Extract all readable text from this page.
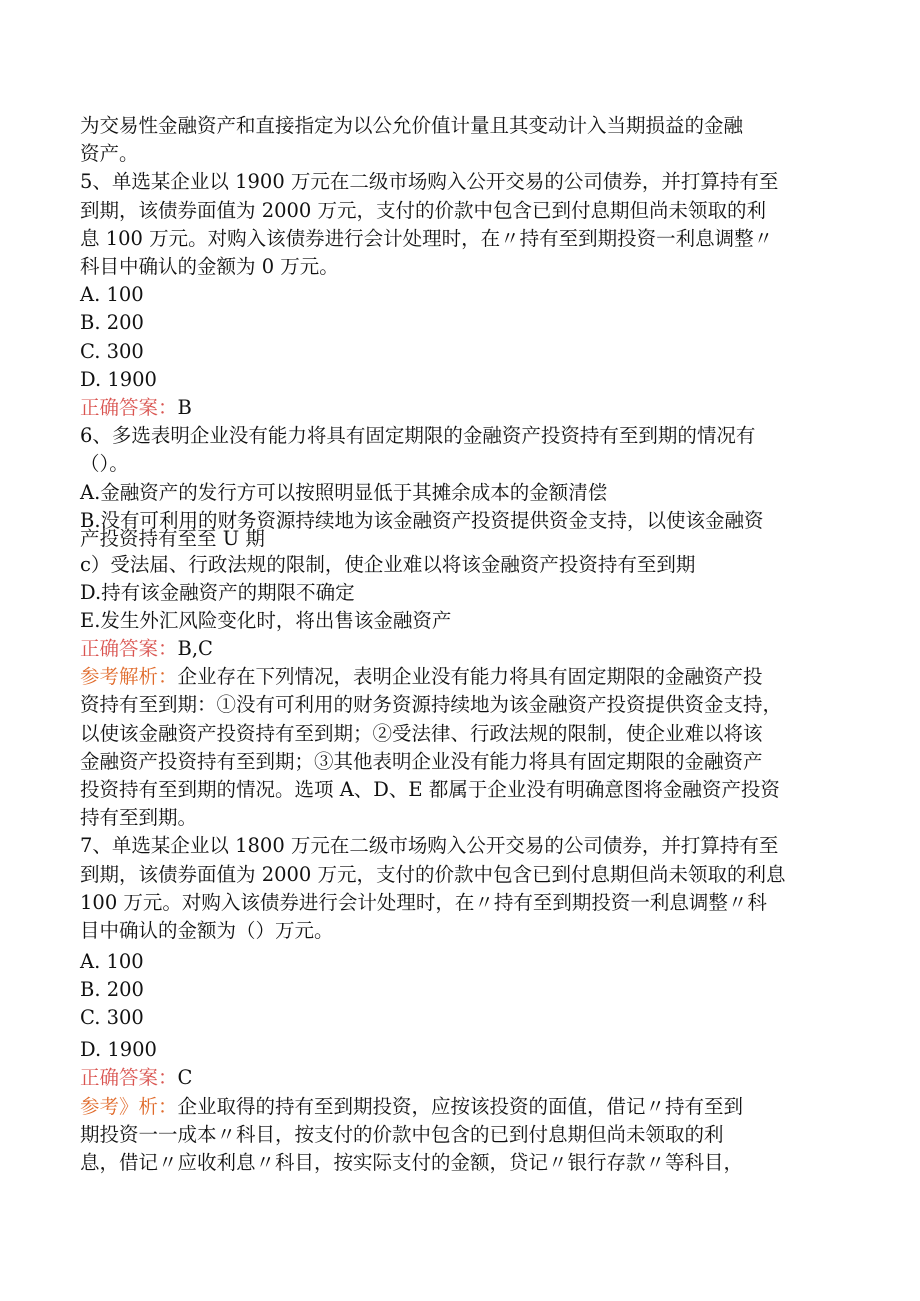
为交易性金融资产和直接指定为以公允价值计量且其变动计入当期损益的金融

资产。

5、单选某企业以 1900 万元在二级市场购入公开交易的公司债券，并打算持有至

到期，该债券面值为 2000 万元，支付的价款中包含已到付息期但尚未领取的利

息 100 万元。对购入该债券进行会计处理时，在〃持有至到期投资一利息调整〃

科目中确认的金额为 0 万元。

A. 100

B. 200

C. 300

D. 1900

正确答案：B

6、多选表明企业没有能力将具有固定期限的金融资产投资持有至到期的情况有

（）。

A.金融资产的发行方可以按照明显低于其摊余成本的金额清偿

B.没有可利用的财务资源持续地为该金融资产投资提供资金支持，以使该金融资

产投资持有至至 U 期

c）受法届、行政法规的限制，使企业难以将该金融资产投资持有至到期

D.持有该金融资产的期限不确定

E.发生外汇风险变化时，将出售该金融资产

正确答案：B,C

参考解析：企业存在下列情况，表明企业没有能力将具有固定期限的金融资产投

资持有至到期：①没有可利用的财务资源持续地为该金融资产投资提供资金支持，

以使该金融资产投资持有至到期；②受法律、行政法规的限制，使企业难以将该

金融资产投资持有至到期；③其他表明企业没有能力将具有固定期限的金融资产

投资持有至到期的情况。选项 A、D、E 都属于企业没有明确意图将金融资产投资

持有至到期。

7、单选某企业以 1800 万元在二级市场购入公开交易的公司债券，并打算持有至

到期，该债券面值为 2000 万元，支付的价款中包含已到付息期但尚未领取的利息

100 万元。对购入该债券进行会计处理时，在〃持有至到期投资一利息调整〃科

目中确认的金额为（）万元。

A. 100

B. 200

C. 300

D. 1900

正确答案：C

参考》析：企业取得的持有至到期投资，应按该投资的面值，借记〃持有至到

期投资一一成本〃科目，按支付的价款中包含的已到付息期但尚未领取的利

息，借记〃应收利息〃科目，按实际支付的金额，贷记〃银行存款〃等科目，
